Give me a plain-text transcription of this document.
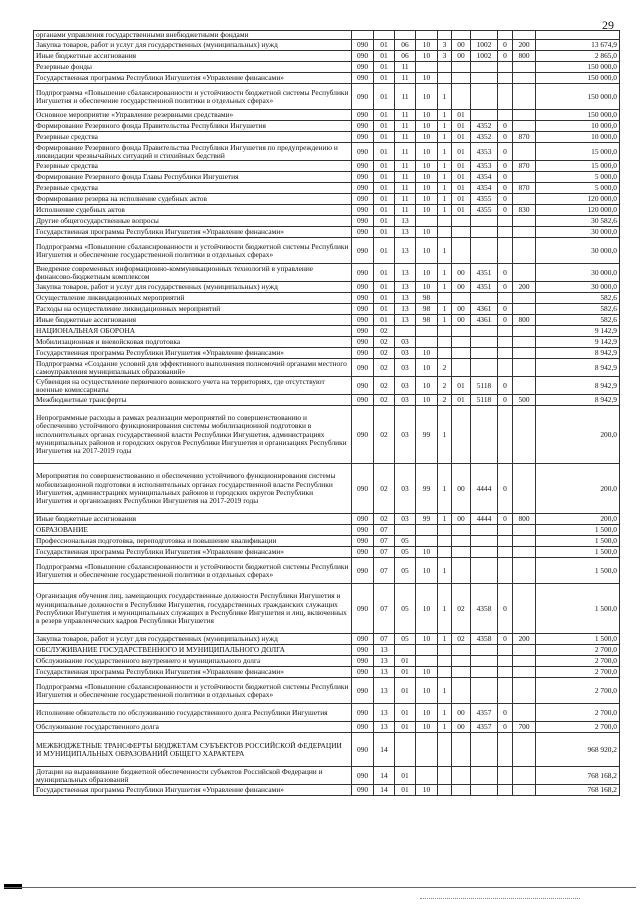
29
органами управления государственными внебюджетными фондами										
Закупка товаров, работ и услуг для государственных (муниципальных) нужд	090	01	06	10	3	00	1002	0	200	13 674,9
Иные бюджетные ассигнования	090	01	06	10	3	00	1002	0	800	2 865,0
Резервные фонды	090	01	11							150 000,0
Государственная программа Республики Ингушетия «Управление финансами»	090	01	11	10						150 000,0
Подпрограмма «Повышение сбалансированности и устойчивости бюджетной системы Республики Ингушетия и обеспечение государственной политики в отдельных сферах»	090	01	11	10	1					150 000,0
Основное мероприятие «Управление резервными средствами»	090	01	11	10	1	01				150 000,0
Формирование Резервного фонда Правительства Республики Ингушетия	090	01	11	10	1	01	4352	0		10 000,0
Резервные средства	090	01	11	10	1	01	4352	0	870	10 000,0
Формирование Резервного фонда Правительства Республики Ингушетия по предупреждению и ликвидации чрезвычайных ситуаций и стихийных бедствий	090	01	11	10	1	01	4353	0		15 000,0
Резервные средства	090	01	11	10	1	01	4353	0	870	15 000,0
Формирование Резервного фонда Главы Республики Ингушетия	090	01	11	10	1	01	4354	0		5 000,0
Резервные средства	090	01	11	10	1	01	4354	0	870	5 000,0
Формирование резерва на исполнение судебных актов	090	01	11	10	1	01	4355	0		120 000,0
Исполнение судебных актов	090	01	11	10	1	01	4355	0	830	120 000,0
Другие общегосударственные вопросы	090	01	13							30 582,6
Государственная программа Республики Ингушетия «Управление финансами»	090	01	13	10						30 000,0
Подпрограмма «Повышение сбалансированности и устойчивости бюджетной системы Республики Ингушетия и обеспечение государственной политики в отдельных сферах»	090	01	13	10	1					30 000,0
Внедрение современных информационно-коммуникационных технологий в управление финансово-бюджетным комплексом	090	01	13	10	1	00	4351	0		30 000,0
Закупка товаров, работ и услуг для государственных (муниципальных) нужд	090	01	13	10	1	00	4351	0	200	30 000,0
Осуществление ликвидационных мероприятий	090	01	13	98						582,6
Расходы на осуществление ликвидационных мероприятий	090	01	13	98	1	00	4361	0		582,6
Иные бюджетные ассигнования	090	01	13	98	1	00	4361	0	800	582,6
НАЦИОНАЛЬНАЯ ОБОРОНА	090	02								9 142,9
Мобилизационная и вневойсковая подготовка	090	02	03							9 142,9
Государственная программа Республики Ингушетия «Управление финансами»	090	02	03	10						8 942,9
Подпрограмма «Создание условий для эффективного выполнения полномочий органами местного самоуправления муниципальных образований»	090	02	03	10	2					8 942,9
Субвенция на осуществление первичного воинского учета на территориях, где отсутствуют военные комиссариаты	090	02	03	10	2	01	5118	0		8 942,9
Межбюджетные трансферты	090	02	03	10	2	01	5118	0	500	8 942,9
Непрограммные расходы в рамках реализации мероприятий по совершенствованию и обеспечению устойчивого функционирования системы мобилизационной подготовки в исполнительных органах государственной власти Республики Ингушетия, администрациях муниципальных районов и городских округов Республики Ингушетия и организациях Республики Ингушетия на 2017-2019 годы	090	02	03	99	1					200,0
Мероприятия по совершенствованию и обеспечению устойчивого функционирования системы мобилизационной подготовки в исполнительных органах государственной власти Республики Ингушетия, администрациях муниципальных районов и городских округов Республики Ингушетия и организациях Республики Ингушетия на 2017-2019 годы	090	02	03	99	1	00	4444	0		200,0
Иные бюджетные ассигнования	090	02	03	99	1	00	4444	0	800	200,0
ОБРАЗОВАНИЕ	090	07								1 500,0
Профессиональная подготовка, переподготовка и повышение квалификации	090	07	05							1 500,0
Государственная программа Республики Ингушетия «Управление финансами»	090	07	05	10						1 500,0
Подпрограмма «Повышение сбалансированности и устойчивости бюджетной системы Республики Ингушетия и обеспечение государственной политики в отдельных сферах»	090	07	05	10	1					1 500,0
Организация обучения лиц, замещающих государственные должности Республики Ингушетия и муниципальные должности в Республике Ингушетия, государственных гражданских служащих Республики Ингушетия и муниципальных служащих в Республике Ингушетия и лиц, включенных в резерв управленческих кадров Республики Ингушетия	090	07	05	10	1	02	4358	0		1 500,0
Закупка товаров, работ и услуг для государственных (муниципальных) нужд	090	07	05	10	1	02	4358	0	200	1 500,0
ОБСЛУЖИВАНИЕ ГОСУДАРСТВЕННОГО И МУНИЦИПАЛЬНОГО ДОЛГА	090	13								2 700,0
Обслуживание государственного внутреннего и муниципального долга	090	13	01							2 700,0
Государственная программа Республики Ингушетия «Управление финансами»	090	13	01	10						2 700,0
Подпрограмма «Повышение сбалансированности и устойчивости бюджетной системы Республики Ингушетия и обеспечение государственной политики в отдельных сферах»	090	13	01	10	1					2 700,0
Исполнение обязательств по обслуживанию государственного долга Республики Ингушетия	090	13	01	10	1	00	4357	0		2 700,0
Обслуживание государственного долга	090	13	01	10	1	00	4357	0	700	2 700,0
МЕЖБЮДЖЕТНЫЕ ТРАНСФЕРТЫ БЮДЖЕТАМ СУБЪЕКТОВ РОССИЙСКОЙ ФЕДЕРАЦИИ И МУНИЦИПАЛЬНЫХ ОБРАЗОВАНИЙ ОБЩЕГО ХАРАКТЕРА	090	14								968 920,2
Дотации на выравнивание бюджетной обеспеченности субъектов Российской Федерации и муниципальных образований	090	14	01							768 168,2
Государственная программа Республики Ингушетия «Управление финансами»	090	14	01	10						768 168,2
